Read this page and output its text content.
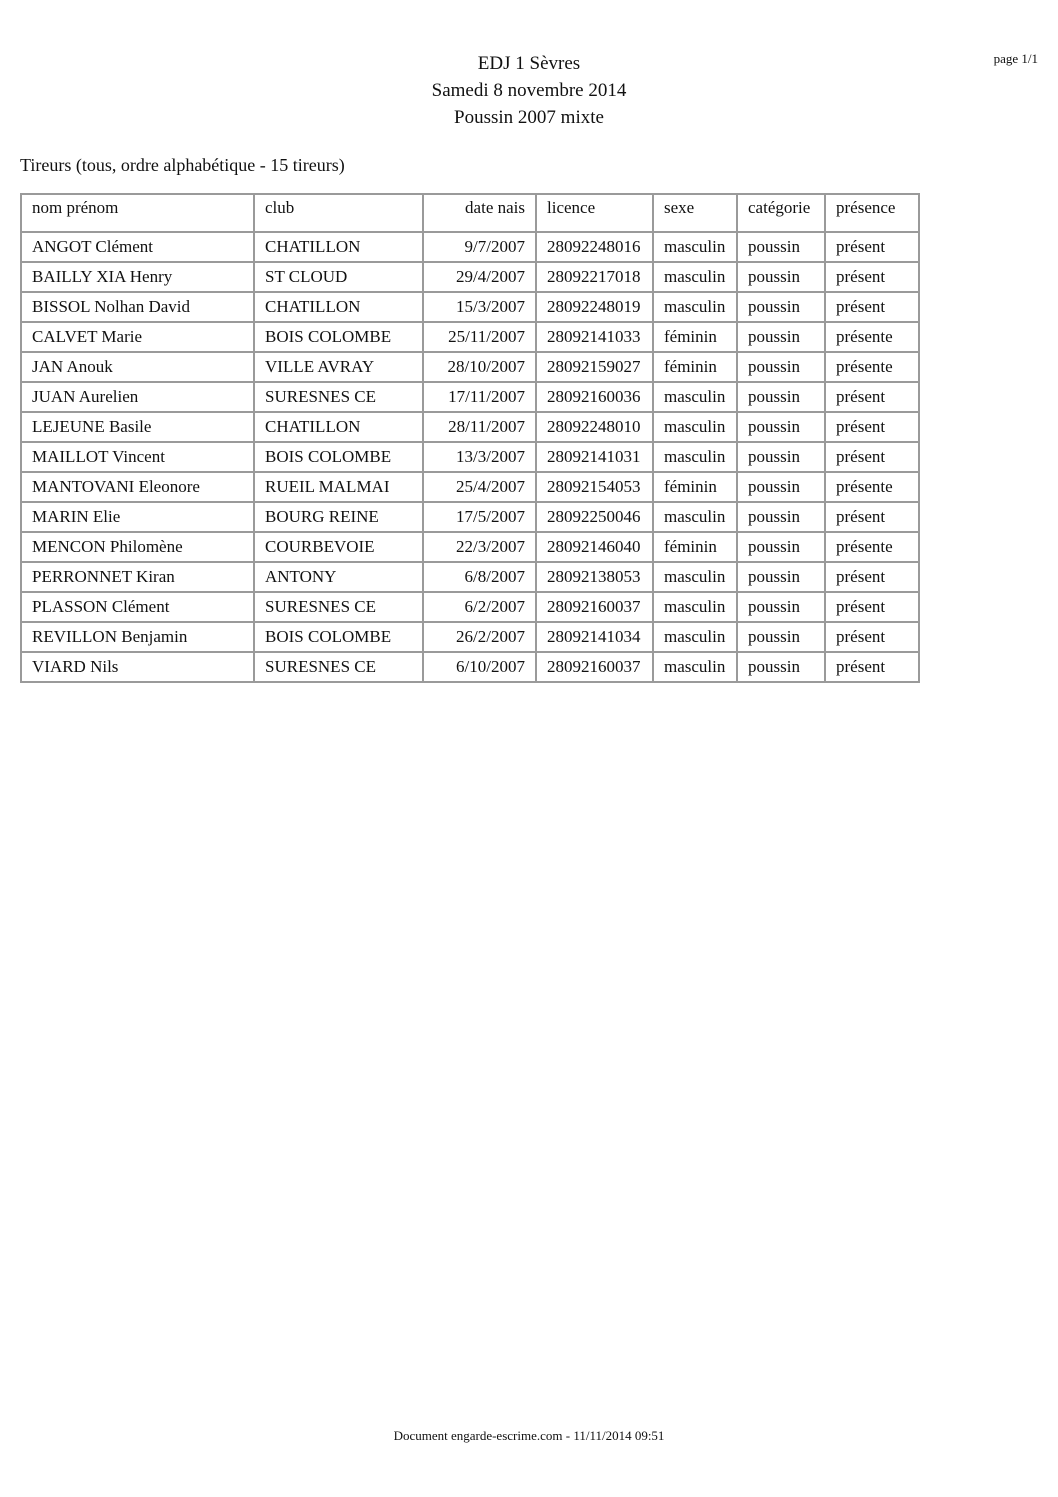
EDJ 1 Sèvres
Samedi 8 novembre 2014
Poussin 2007 mixte
page 1/1
Tireurs (tous, ordre alphabétique - 15 tireurs)
nom prénom	club	date nais	licence	sexe	catégorie	présence
ANGOT Clément	CHATILLON	9/7/2007	28092248016	masculin	poussin	présent
BAILLY XIA Henry	ST CLOUD	29/4/2007	28092217018	masculin	poussin	présent
BISSOL Nolhan David	CHATILLON	15/3/2007	28092248019	masculin	poussin	présent
CALVET Marie	BOIS COLOMBE	25/11/2007	28092141033	féminin	poussin	présente
JAN Anouk	VILLE AVRAY	28/10/2007	28092159027	féminin	poussin	présente
JUAN Aurelien	SURESNES CE	17/11/2007	28092160036	masculin	poussin	présent
LEJEUNE Basile	CHATILLON	28/11/2007	28092248010	masculin	poussin	présent
MAILLOT Vincent	BOIS COLOMBE	13/3/2007	28092141031	masculin	poussin	présent
MANTOVANI Eleonore	RUEIL MALMAI	25/4/2007	28092154053	féminin	poussin	présente
MARIN Elie	BOURG REINE	17/5/2007	28092250046	masculin	poussin	présent
MENCON Philomène	COURBEVOIE	22/3/2007	28092146040	féminin	poussin	présente
PERRONNET Kiran	ANTONY	6/8/2007	28092138053	masculin	poussin	présent
PLASSON Clément	SURESNES CE	6/2/2007	28092160037	masculin	poussin	présent
REVILLON Benjamin	BOIS COLOMBE	26/2/2007	28092141034	masculin	poussin	présent
VIARD Nils	SURESNES CE	6/10/2007	28092160037	masculin	poussin	présent
Document engarde-escrime.com - 11/11/2014 09:51
